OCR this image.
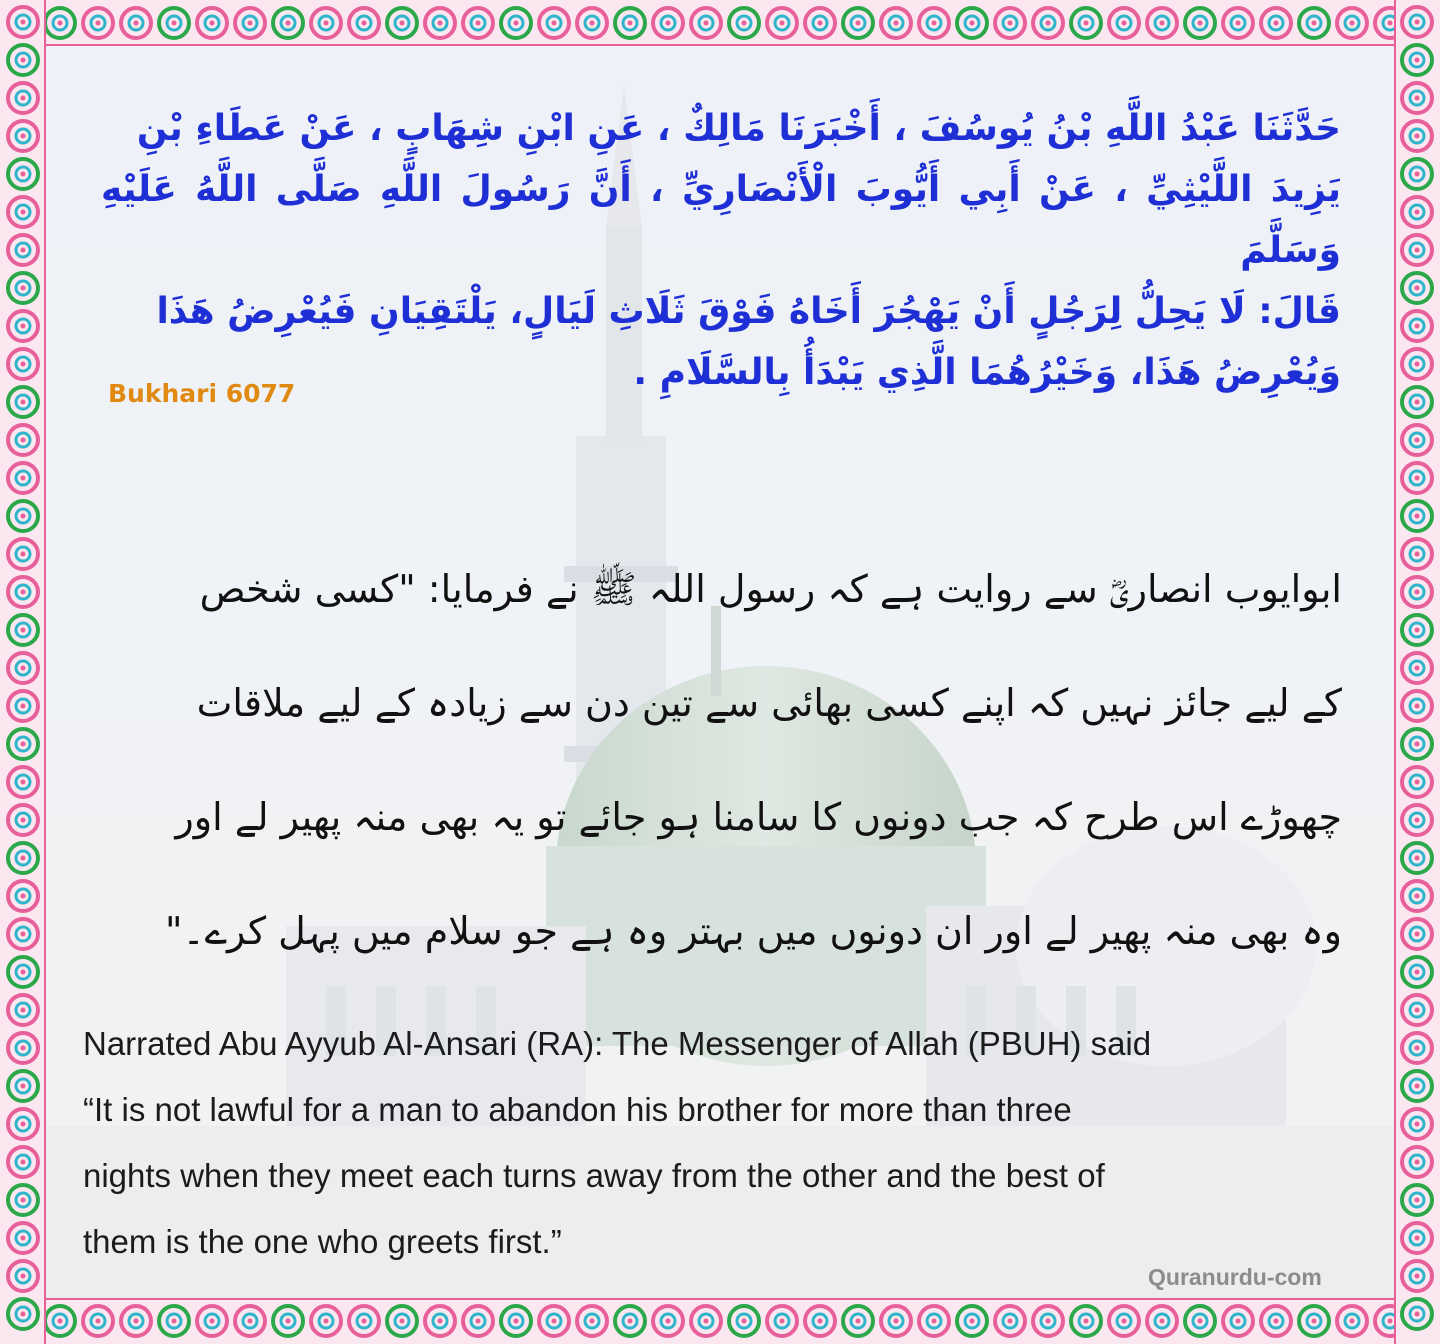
حَدَّثَنَا عَبْدُ اللَّهِ بْنُ يُوسُفَ ، أَخْبَرَنَا مَالِكٌ ، عَنِ ابْنِ شِهَابٍ ، عَنْ عَطَاءِ بْنِ
يَزِيدَ اللَّيْثِيِّ ، عَنْ أَبِي أَيُّوبَ الْأَنْصَارِيِّ ، أَنَّ رَسُولَ اللَّهِ صَلَّى اللَّهُ عَلَيْهِ وَسَلَّمَ
قَالَ: لَا يَحِلُّ لِرَجُلٍ أَنْ يَهْجُرَ أَخَاهُ فَوْقَ ثَلَاثِ لَيَالٍ، يَلْتَقِيَانِ فَيُعْرِضُ هَذَا
وَيُعْرِضُ هَذَا، وَخَيْرُهُمَا الَّذِي يَبْدَأُ بِالسَّلَامِ .
Bukhari 6077
ابوایوب انصاریؓ سے روایت ہے کہ رسول اللہ ﷺ نے فرمایا: "کسی شخص
کے لیے جائز نہیں کہ اپنے کسی بھائی سے تین دن سے زیادہ کے لیے ملاقات
چھوڑے اس طرح کہ جب دونوں کا سامنا ہو جائے تو یہ بھی منہ پھیر لے اور
وہ بھی منہ پھیر لے اور ان دونوں میں بہتر وہ ہے جو سلام میں پہل کرے۔"
Narrated Abu Ayyub Al-Ansari (RA): The Messenger of Allah (PBUH) said
“It is not lawful for a man to abandon his brother for more than three
nights when they meet each turns away from the other and the best of
them is the one who greets first.”
Quranurdu-com
